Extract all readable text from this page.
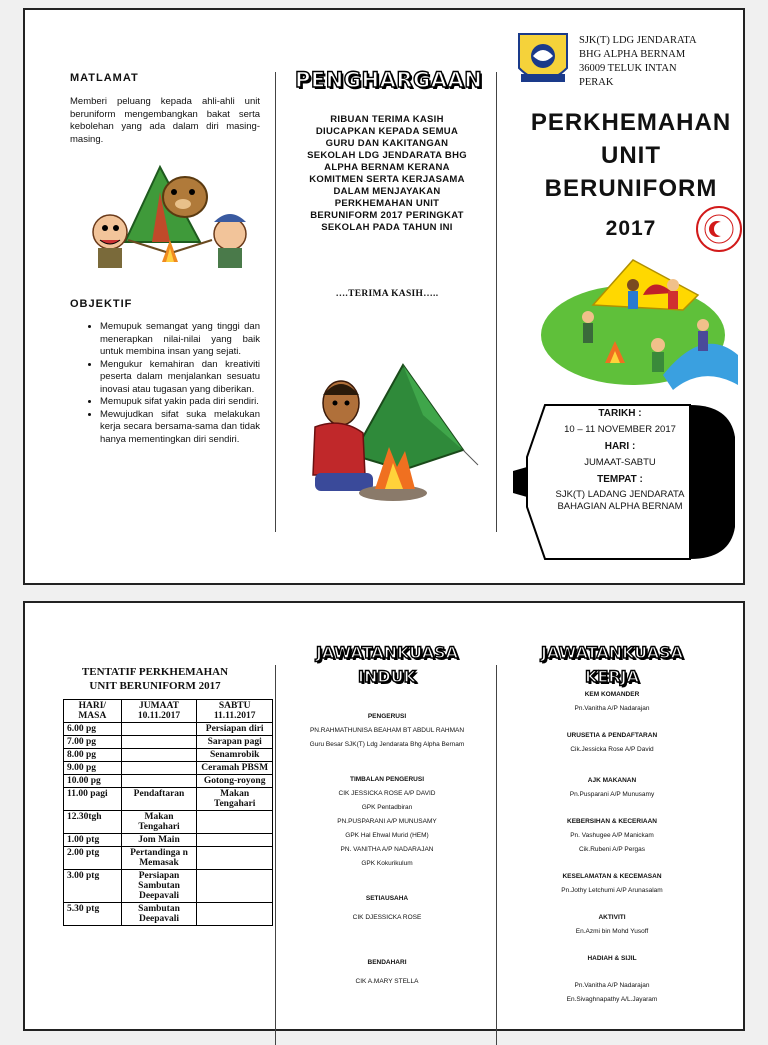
MATLAMAT
Memberi peluang kepada ahli-ahli unit beruniform mengembangkan bakat serta kebolehan yang ada dalam diri masing-masing.
OBJEKTIF
• Memupuk semangat yang tinggi dan menerapkan nilai-nilai yang baik untuk membina insan yang sejati.
• Mengukur kemahiran dan kreativiti peserta dalam menjalankan sesuatu inovasi atau tugasan yang diberikan.
• Memupuk sifat yakin pada diri sendiri.
• Mewujudkan sifat suka melakukan kerja secara bersama-sama dan tidak hanya mementingkan diri sendiri.
PENGHARGAAN
RIBUAN TERIMA KASIH
DIUCAPKAN KEPADA SEMUA
GURU DAN KAKITANGAN
SEKOLAH LDG JENDARATA BHG
ALPHA BERNAM KERANA
KOMITMEN SERTA KERJASAMA
DALAM MENJAYAKAN
PERKHEMAHAN UNIT
BERUNIFORM 2017 PERINGKAT
SEKOLAH PADA TAHUN INI
….TERIMA KASIH…..
SJK(T) LDG JENDARATA
BHG ALPHA BERNAM
36009 TELUK INTAN
PERAK
PERKHEMAHAN
UNIT
BERUNIFORM
2017
TARIKH :
10 – 11 NOVEMBER 2017
HARI :
JUMAAT-SABTU
TEMPAT :
SJK(T) LADANG JENDARATA BAHAGIAN ALPHA BERNAM
TENTATIF PERKHEMAHAN
UNIT BERUNIFORM 2017
HARI/ MASA	JUMAAT 10.11.2017	SABTU 11.11.2017
6.00 pg		Persiapan diri
7.00 pg		Sarapan pagi
8.00 pg		Senamrobik
9.00 pg		Ceramah PBSM
10.00 pg		Gotong-royong
11.00 pagi	Pendaftaran	Makan Tengahari
12.30tgh	Makan Tengahari	
1.00 ptg	Jom Main	
2.00 ptg	Pertandinga n Memasak	
3.00 ptg	Persiapan Sambutan Deepavali	
5.30 ptg	Sambutan Deepavali	
JAWATANKUASA
INDUK
PENGERUSI
PN.RAHMATHUNISA BEAHAM BT ABDUL RAHMAN
Guru Besar SJK(T) Ldg Jendarata Bhg Alpha Bernam
TIMBALAN PENGERUSI
CIK JESSICKA ROSE A/P DAVID
GPK Pentadbiran
PN.PUSPARANI A/P MUNUSAMY
GPK Hal Ehwal Murid (HEM)
PN. VANITHA A/P NADARAJAN
GPK Kokurikulum
SETIAUSAHA
CIK DJESSICKA ROSE
BENDAHARI
CIK A.MARY STELLA
JAWATANKUASA
KERJA
KEM KOMANDER
Pn.Vanitha A/P Nadarajan
URUSETIA & PENDAFTARAN
Cik.Jessicka Rose A/P David
AJK MAKANAN
Pn.Pusparani A/P Munusamy
KEBERSIHAN & KECERIAAN
Pn. Vashugee A/P Manickam
Cik.Rubeni A/P Pergas
KESELAMATAN & KECEMASAN
Pn.Jothy Letchumi A/P Arunasalam
AKTIVITI
En.Azmi bin Mohd Yusoff
HADIAH & SIJIL
Pn.Vanitha A/P Nadarajan
En.Sivaghnapathy A/L.Jayaram
